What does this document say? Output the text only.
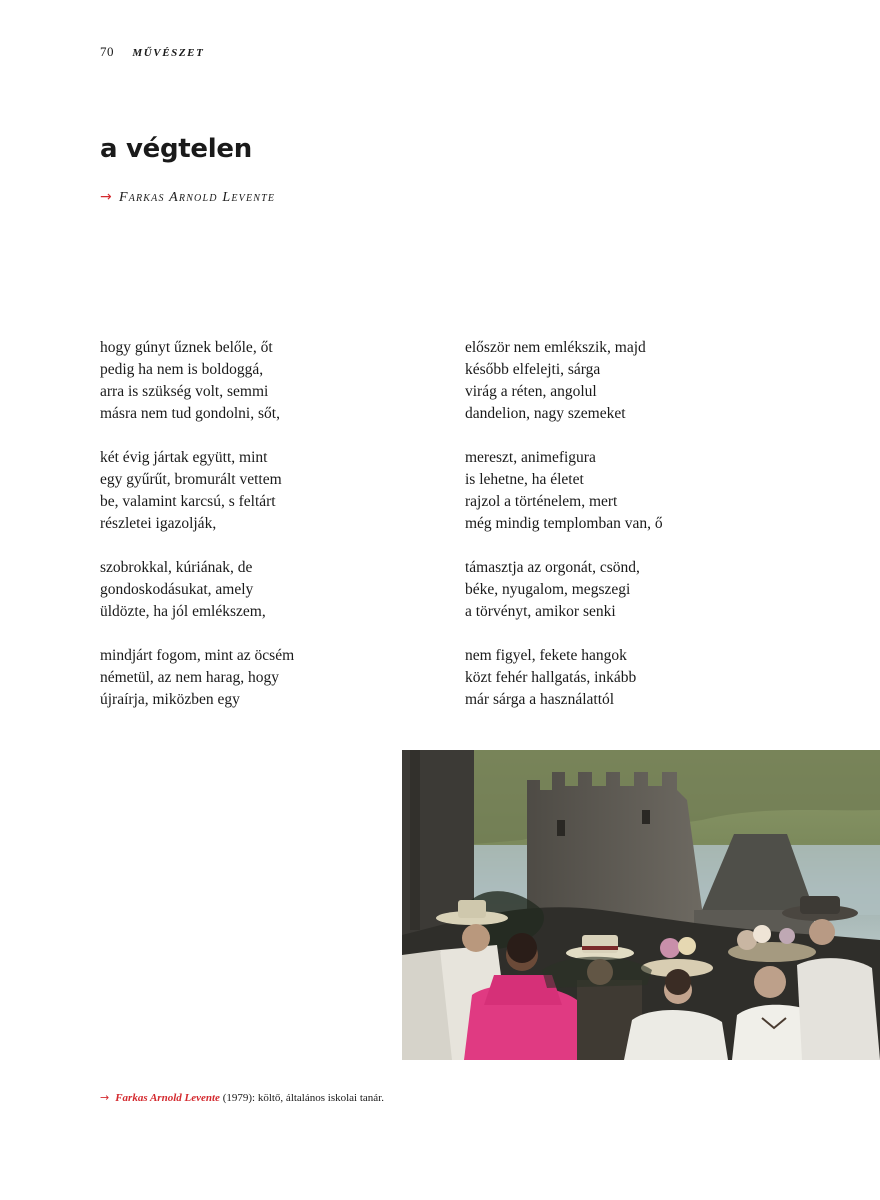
70 MŰVÉSZET
a végtelen
→ Farkas Arnold Levente
hogy gúnyt űznek belőle, őt
pedig ha nem is boldoggá,
arra is szükség volt, semmi
másra nem tud gondolni, sőt,
két évig jártak együtt, mint
egy gyűrűt, bromurált vettem
be, valamint karcsú, s feltárt
részletei igazolják,
szobrokkal, kúriának, de
gondoskodásukat, amely
üldözte, ha jól emlékszem,
mindjárt fogom, mint az öcsém
németül, az nem harag, hogy
újraírja, miközben egy
először nem emlékszik, majd
később elfelejti, sárga
virág a réten, angolul
dandelion, nagy szemeket
mereszt, animefigura
is lehetne, ha életet
rajzol a történelem, mert
még mindig templomban van, ő
támasztja az orgonát, csönd,
béke, nyugalom, megszegi
a törvényt, amikor senki
nem figyel, fekete hangok
közt fehér hallgatás, inkább
már sárga a használattól
→ Farkas Arnold Levente (1979): költő, általános iskolai tanár.
